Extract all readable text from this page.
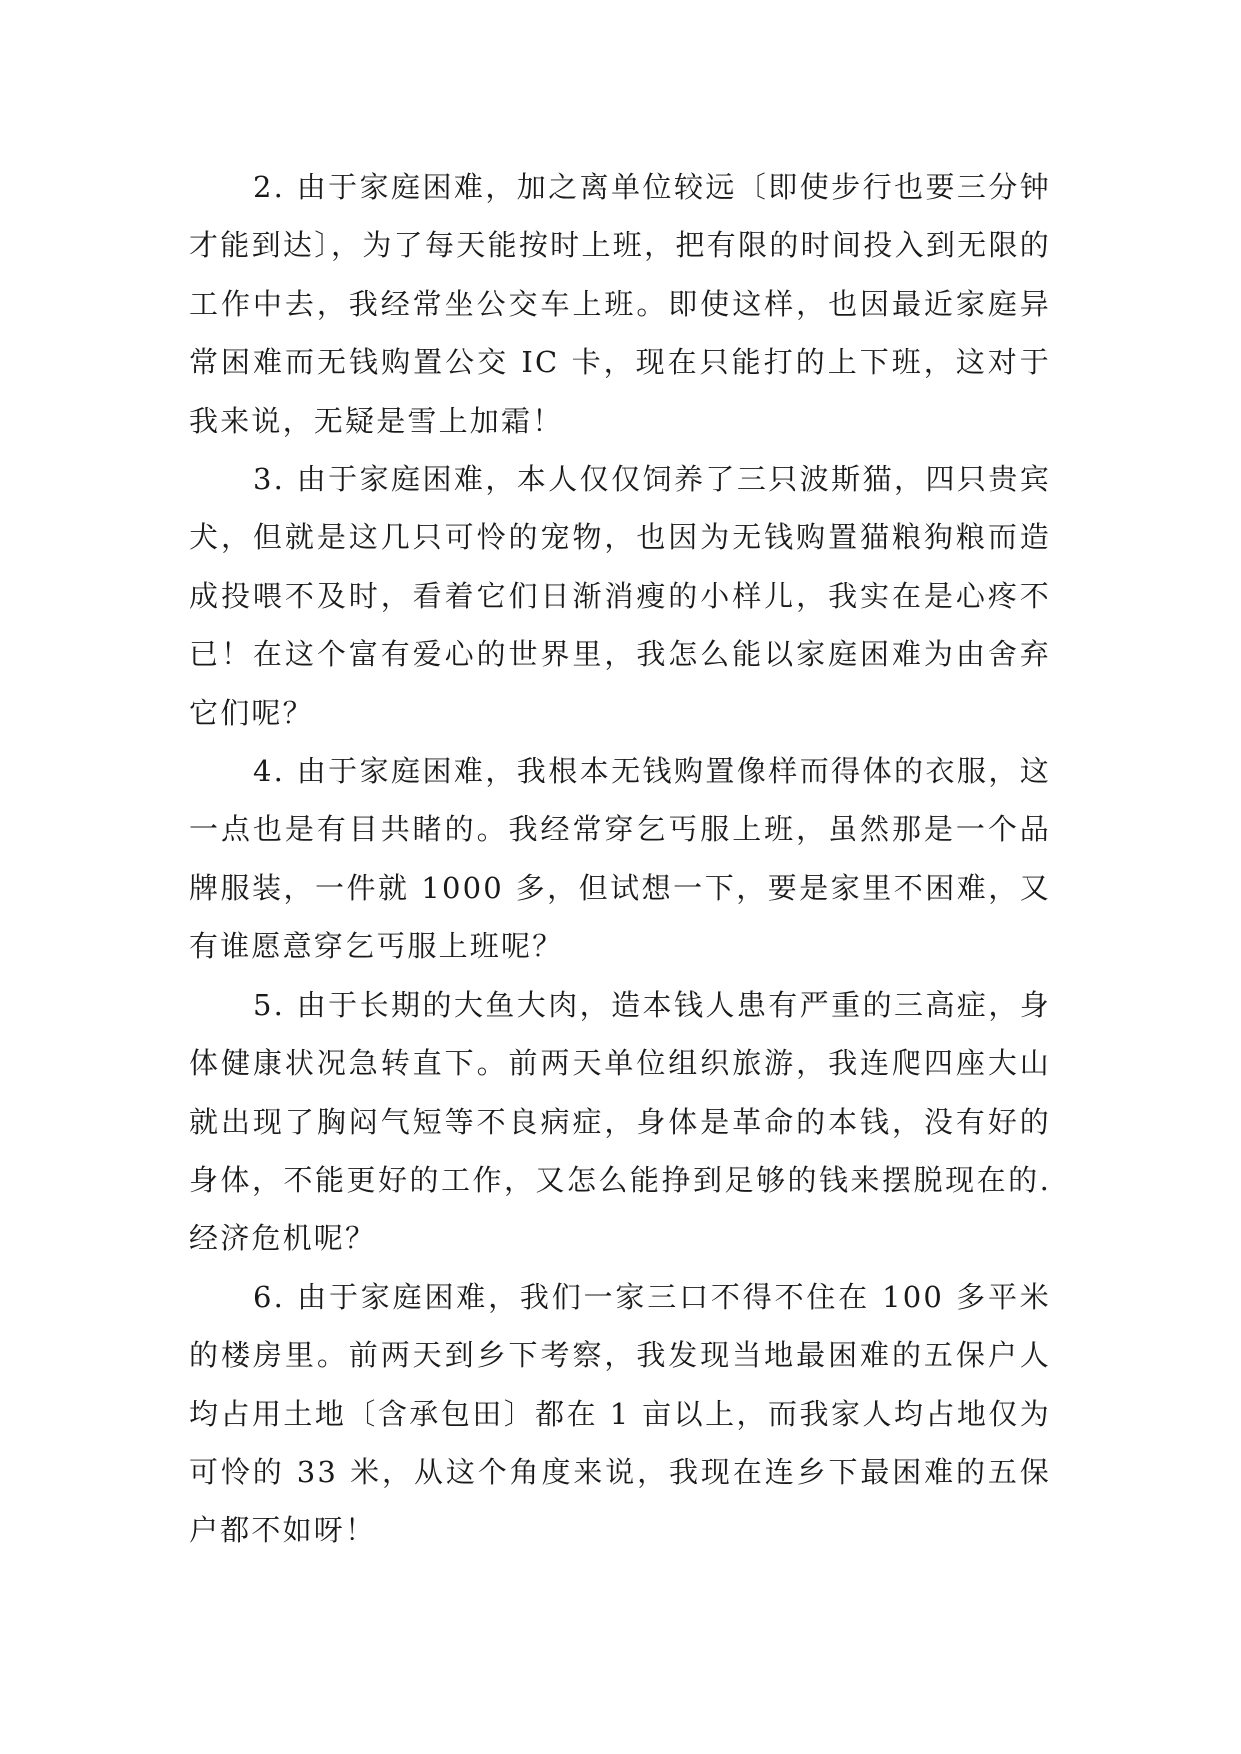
2. 由于家庭困难，加之离单位较远〔即使步行也要三分钟才能到达〕，为了每天能按时上班，把有限的时间投入到无限的工作中去，我经常坐公交车上班。即使这样，也因最近家庭异常困难而无钱购置公交 IC 卡，现在只能打的上下班，这对于我来说，无疑是雪上加霜！

3. 由于家庭困难，本人仅仅饲养了三只波斯猫，四只贵宾犬，但就是这几只可怜的宠物，也因为无钱购置猫粮狗粮而造成投喂不及时，看着它们日渐消瘦的小样儿，我实在是心疼不已！在这个富有爱心的世界里，我怎么能以家庭困难为由舍弃它们呢？

4. 由于家庭困难，我根本无钱购置像样而得体的衣服，这一点也是有目共睹的。我经常穿乞丐服上班，虽然那是一个品牌服装，一件就 1000 多，但试想一下，要是家里不困难，又有谁愿意穿乞丐服上班呢？

5. 由于长期的大鱼大肉，造本钱人患有严重的三高症，身体健康状况急转直下。前两天单位组织旅游，我连爬四座大山就出现了胸闷气短等不良病症，身体是革命的本钱，没有好的身体，不能更好的工作，又怎么能挣到足够的钱来摆脱现在的.经济危机呢？

6. 由于家庭困难，我们一家三口不得不住在 100 多平米的楼房里。前两天到乡下考察，我发现当地最困难的五保户人均占用土地〔含承包田〕都在 1 亩以上，而我家人均占地仅为可怜的 33 米，从这个角度来说，我现在连乡下最困难的五保户都不如呀！
